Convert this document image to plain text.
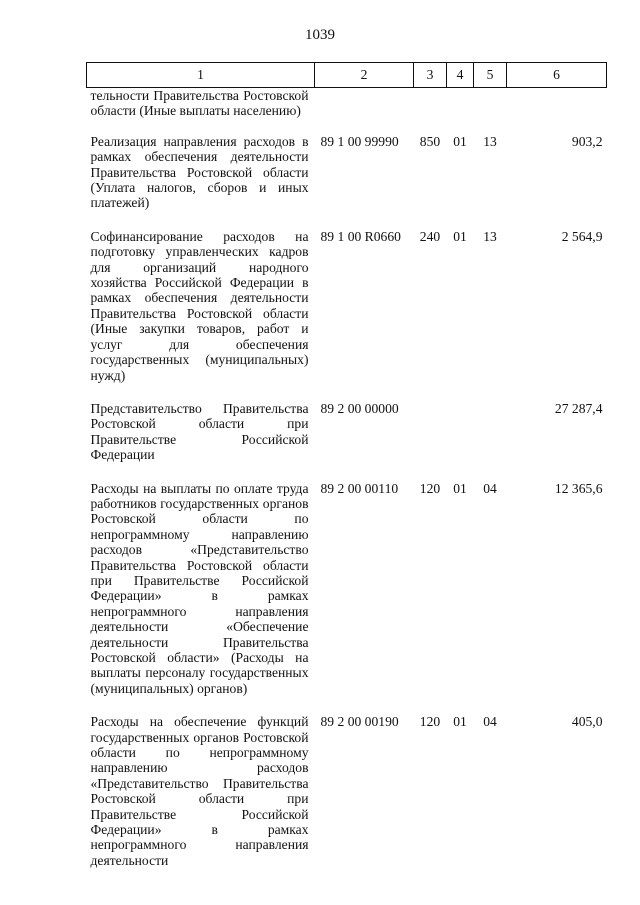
1039
1	2	3	4	5	6
тельности Правительства Ростовской области (Иные выплаты населению)					
Реализация направления расходов в рамках обеспечения деятельности Правительства Ростовской области (Уплата налогов, сборов и иных платежей)	89 1 00 99990	850	01	13	903,2
Софинансирование расходов на подготовку управленческих кадров для организаций народного хозяйства Российской Федерации в рамках обеспечения деятельности Правительства Ростовской области (Иные закупки товаров, работ и услуг для обеспечения государственных (муниципальных) нужд)	89 1 00 R0660	240	01	13	2 564,9
Представительство Правительства Ростовской области при Правительстве Российской Федерации	89 2 00 00000				27 287,4
Расходы на выплаты по оплате труда работников государственных органов Ростовской области по непрограммному направлению расходов «Представительство Правительства Ростовской области при Правительстве Российской Федерации» в рамках непрограммного направления деятельности «Обеспечение деятельности Правительства Ростовской области» (Расходы на выплаты персоналу государственных (муниципальных) органов)	89 2 00 00110	120	01	04	12 365,6
Расходы на обеспечение функций государственных органов Ростовской области по непрограммному направлению расходов «Представительство Правительства Ростовской области при Правительстве Российской Федерации» в рамках непрограммного направления деятельности	89 2 00 00190	120	01	04	405,0
